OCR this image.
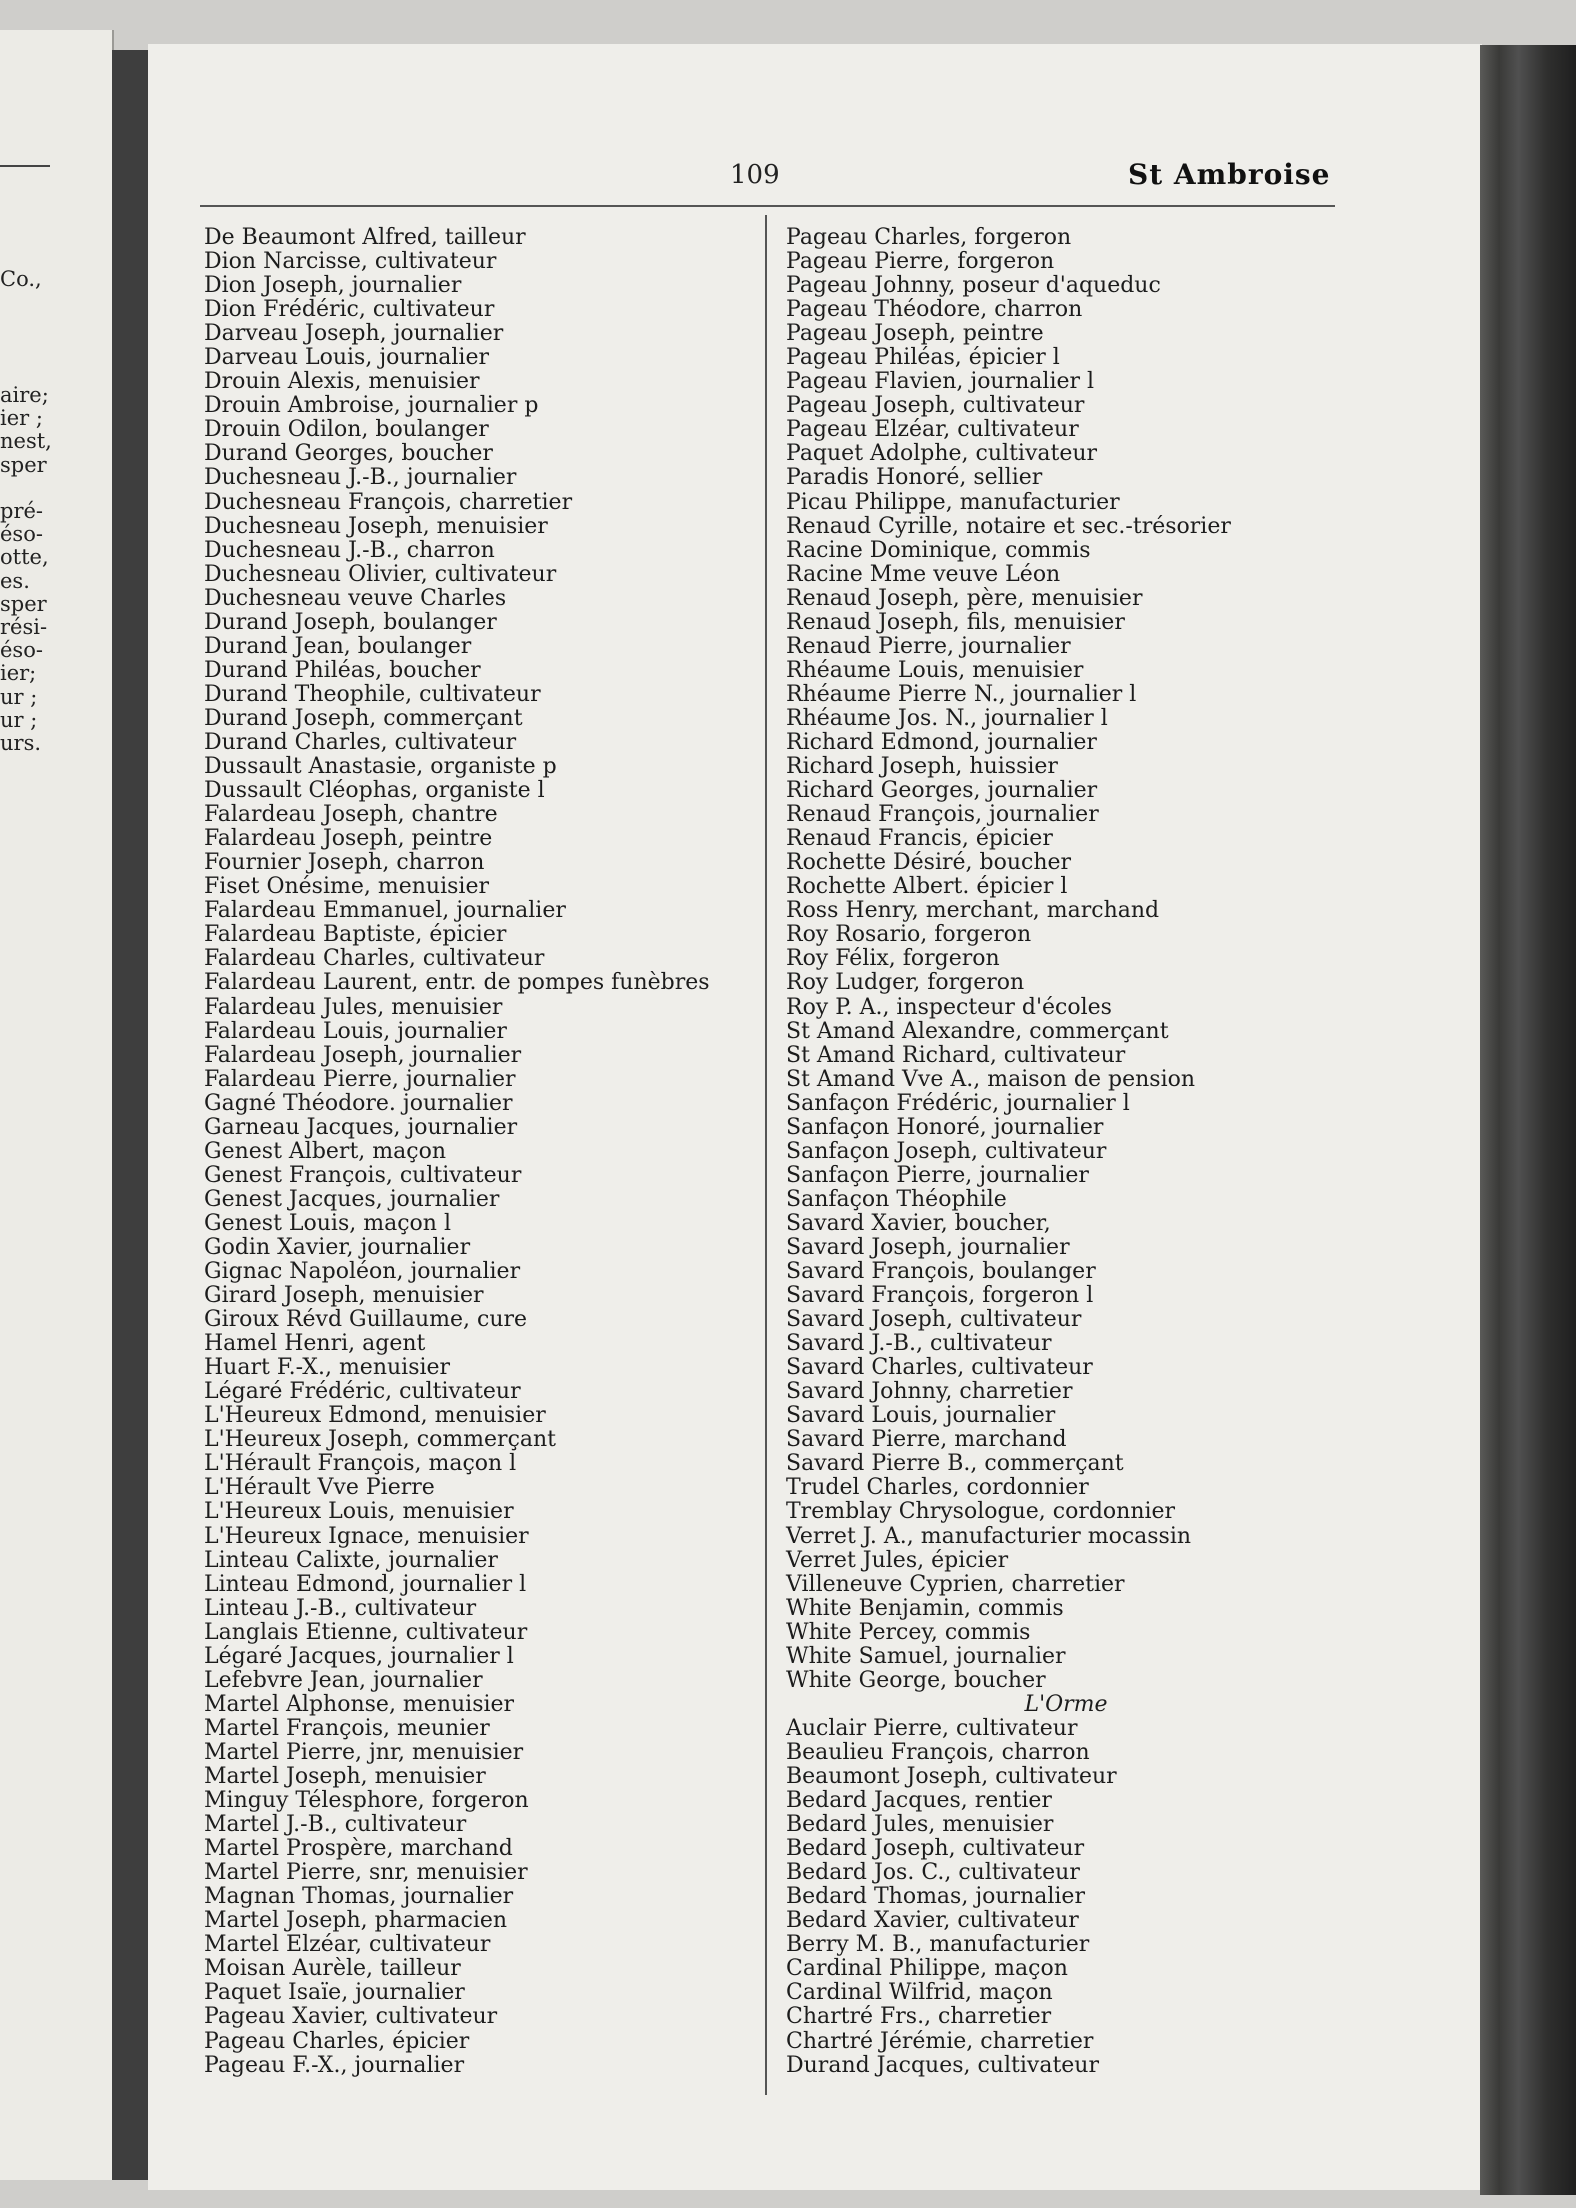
Co.,

aire;
ier ;
nest,
sper

pré-
éso-
otte,
es.
sper
rési-
éso-
ier;
ur ;
ur ;
urs.
109	St Ambroise
De Beaumont Alfred, tailleur
Dion Narcisse, cultivateur
Dion Joseph, journalier
Dion Frédéric, cultivateur
Darveau Joseph, journalier
Darveau Louis, journalier
Drouin Alexis, menuisier
Drouin Ambroise, journalier p
Drouin Odilon, boulanger
Durand Georges, boucher
Duchesneau J.-B., journalier
Duchesneau François, charretier
Duchesneau Joseph, menuisier
Duchesneau J.-B., charron
Duchesneau Olivier, cultivateur
Duchesneau veuve Charles
Durand Joseph, boulanger
Durand Jean, boulanger
Durand Philéas, boucher
Durand Theophile, cultivateur
Durand Joseph, commerçant
Durand Charles, cultivateur
Dussault Anastasie, organiste p
Dussault Cléophas, organiste l
Falardeau Joseph, chantre
Falardeau Joseph, peintre
Fournier Joseph, charron
Fiset Onésime, menuisier
Falardeau Emmanuel, journalier
Falardeau Baptiste, épicier
Falardeau Charles, cultivateur
Falardeau Laurent, entr. de pompes funèbres
Falardeau Jules, menuisier
Falardeau Louis, journalier
Falardeau Joseph, journalier
Falardeau Pierre, journalier
Gagné Théodore. journalier
Garneau Jacques, journalier
Genest Albert, maçon
Genest François, cultivateur
Genest Jacques, journalier
Genest Louis, maçon l
Godin Xavier, journalier
Gignac Napoléon, journalier
Girard Joseph, menuisier
Giroux Révd Guillaume, cure
Hamel Henri, agent
Huart F.-X., menuisier
Légaré Frédéric, cultivateur
L'Heureux Edmond, menuisier
L'Heureux Joseph, commerçant
L'Hérault François, maçon l
L'Hérault Vve Pierre
L'Heureux Louis, menuisier
L'Heureux Ignace, menuisier
Linteau Calixte, journalier
Linteau Edmond, journalier l
Linteau J.-B., cultivateur
Langlais Etienne, cultivateur
Légaré Jacques, journalier l
Lefebvre Jean, journalier
Martel Alphonse, menuisier
Martel François, meunier
Martel Pierre, jnr, menuisier
Martel Joseph, menuisier
Minguy Télesphore, forgeron
Martel J.-B., cultivateur
Martel Prospère, marchand
Martel Pierre, snr, menuisier
Magnan Thomas, journalier
Martel Joseph, pharmacien
Martel Elzéar, cultivateur
Moisan Aurèle, tailleur
Paquet Isaïe, journalier
Pageau Xavier, cultivateur
Pageau Charles, épicier
Pageau F.-X., journalier
Pageau Charles, forgeron
Pageau Pierre, forgeron
Pageau Johnny, poseur d'aqueduc
Pageau Théodore, charron
Pageau Joseph, peintre
Pageau Philéas, épicier l
Pageau Flavien, journalier l
Pageau Joseph, cultivateur
Pageau Elzéar, cultivateur
Paquet Adolphe, cultivateur
Paradis Honoré, sellier
Picau Philippe, manufacturier
Renaud Cyrille, notaire et sec.-trésorier
Racine Dominique, commis
Racine Mme veuve Léon
Renaud Joseph, père, menuisier
Renaud Joseph, fils, menuisier
Renaud Pierre, journalier
Rhéaume Louis, menuisier
Rhéaume Pierre N., journalier l
Rhéaume Jos. N., journalier l
Richard Edmond, journalier
Richard Joseph, huissier
Richard Georges, journalier
Renaud François, journalier
Renaud Francis, épicier
Rochette Désiré, boucher
Rochette Albert. épicier l
Ross Henry, merchant, marchand
Roy Rosario, forgeron
Roy Félix, forgeron
Roy Ludger, forgeron
Roy P. A., inspecteur d'écoles
St Amand Alexandre, commerçant
St Amand Richard, cultivateur
St Amand Vve A., maison de pension
Sanfaçon Frédéric, journalier l
Sanfaçon Honoré, journalier
Sanfaçon Joseph, cultivateur
Sanfaçon Pierre, journalier
Sanfaçon Théophile
Savard Xavier, boucher,
Savard Joseph, journalier
Savard François, boulanger
Savard François, forgeron l
Savard Joseph, cultivateur
Savard J.-B., cultivateur
Savard Charles, cultivateur
Savard Johnny, charretier
Savard Louis, journalier
Savard Pierre, marchand
Savard Pierre B., commerçant
Trudel Charles, cordonnier
Tremblay Chrysologue, cordonnier
Verret J. A., manufacturier mocassin
Verret Jules, épicier
Villeneuve Cyprien, charretier
White Benjamin, commis
White Percey, commis
White Samuel, journalier
White George, boucher
L'Orme
Auclair Pierre, cultivateur
Beaulieu François, charron
Beaumont Joseph, cultivateur
Bedard Jacques, rentier
Bedard Jules, menuisier
Bedard Joseph, cultivateur
Bedard Jos. C., cultivateur
Bedard Thomas, journalier
Bedard Xavier, cultivateur
Berry M. B., manufacturier
Cardinal Philippe, maçon
Cardinal Wilfrid, maçon
Chartré Frs., charretier
Chartré Jérémie, charretier
Durand Jacques, cultivateur
